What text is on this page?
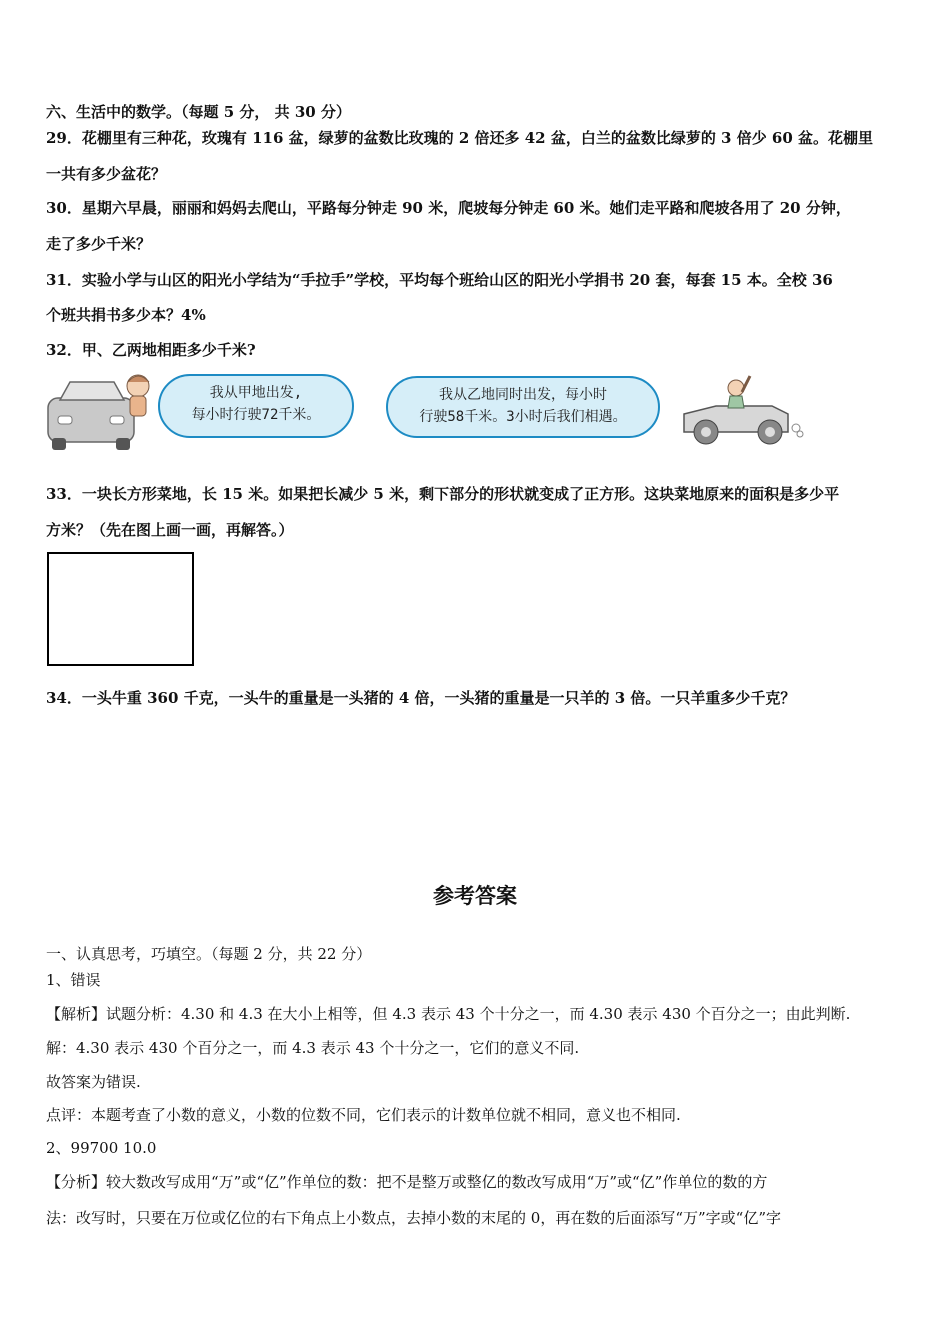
六、生活中的数学。（每题 5 分， 共 30 分）
29．花棚里有三种花，玫瑰有 116 盆，绿萝的盆数比玫瑰的 2 倍还多 42 盆，白兰的盆数比绿萝的 3 倍少 60 盆。花棚里
一共有多少盆花？
30．星期六早晨，丽丽和妈妈去爬山，平路每分钟走 90 米，爬坡每分钟走 60 米。她们走平路和爬坡各用了 20 分钟，
走了多少千米？
31．实验小学与山区的阳光小学结为“手拉手”学校，平均每个班给山区的阳光小学捐书 20 套，每套 15 本。全校 36
个班共捐书多少本？4%
32．甲、乙两地相距多少千米?
我从甲地出发,
每小时行驶72千米。
我从乙地同时出发，每小时
行驶58千米。3小时后我们相遇。
33．一块长方形菜地，长 15 米。如果把长减少 5 米，剩下部分的形状就变成了正方形。这块菜地原来的面积是多少平
方米？（先在图上画一画，再解答。）
34．一头牛重 360 千克，一头牛的重量是一头猪的 4 倍，一头猪的重量是一只羊的 3 倍。一只羊重多少千克？
参考答案
一、认真思考，巧填空。（每题 2 分，共 22 分）
1、错误
【解析】试题分析：4.30 和 4.3 在大小上相等，但 4.3 表示 43 个十分之一，而 4.30 表示 430 个百分之一；由此判断.
解：4.30 表示 430 个百分之一，而 4.3 表示 43 个十分之一，它们的意义不同.
故答案为错误.
点评：本题考查了小数的意义，小数的位数不同，它们表示的计数单位就不相同，意义也不相同.
2、99700 10.0
【分析】较大数改写成用“万”或“亿”作单位的数：把不是整万或整亿的数改写成用“万”或“亿”作单位的数的方
法：改写时，只要在万位或亿位的右下角点上小数点，去掉小数的末尾的 0，再在数的后面添写“万”字或“亿”字
